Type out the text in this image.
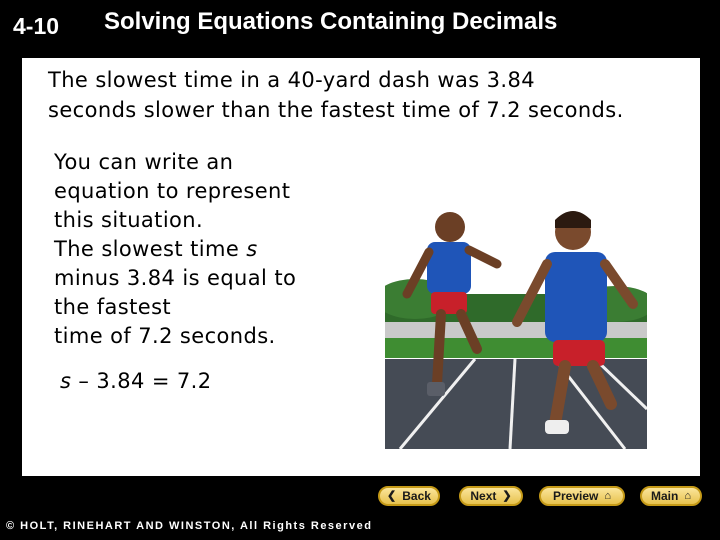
4-10 Solving Equations Containing Decimals
The slowest time in a 40-yard dash was 3.84
seconds slower than the fastest time of 7.2 seconds.
You can write an
equation to represent
this situation.
The slowest time s
minus 3.84 is equal to
the fastest
time of 7.2 seconds.
s – 3.84 = 7.2
❮ Back	Next ❯	Preview ⌂	Main ⌂
© HOLT, RINEHART AND WINSTON, All Rights Reserved
